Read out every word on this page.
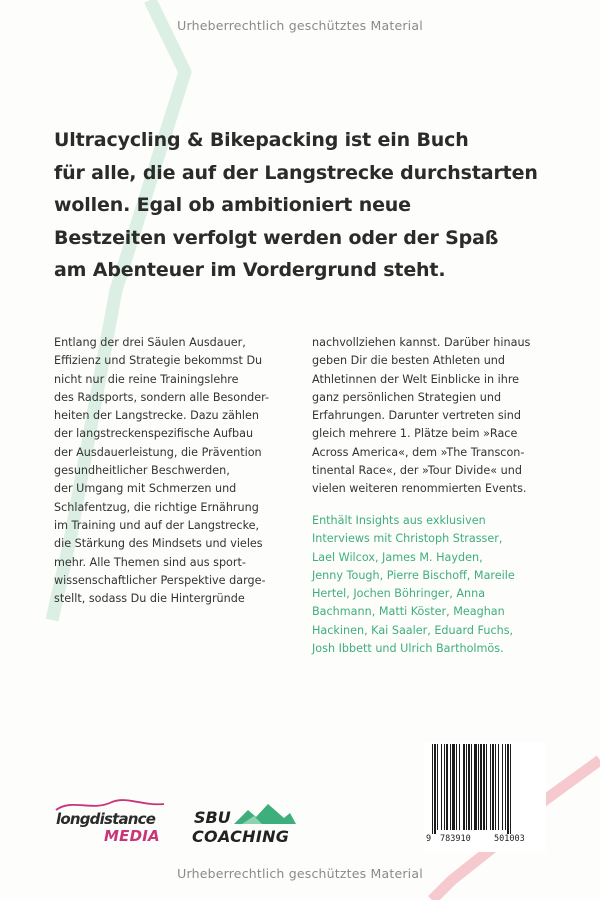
Urheberrechtlich geschütztes Material
Ultracycling & Bikepacking ist ein Buch
für alle, die auf der Langstrecke durchstarten
wollen. Egal ob ambitioniert neue
Bestzeiten verfolgt werden oder der Spaß
am Abenteuer im Vordergrund steht.
Entlang der drei Säulen Ausdauer,
Effizienz und Strategie bekommst Du
nicht nur die reine Trainingslehre
des Radsports, sondern alle Besonder-
heiten der Langstrecke. Dazu zählen
der langstreckenspezifische Aufbau
der Ausdauerleistung, die Prävention
gesundheitlicher Beschwerden,
der Umgang mit Schmerzen und
Schlafentzug, die richtige Ernährung
im Training und auf der Langstrecke,
die Stärkung des Mindsets und vieles
mehr. Alle Themen sind aus sport-
wissenschaftlicher Perspektive darge-
stellt, sodass Du die Hintergründe
nachvollziehen kannst. Darüber hinaus
geben Dir die besten Athleten und
Athletinnen der Welt Einblicke in ihre
ganz persönlichen Strategien und
Erfahrungen. Darunter vertreten sind
gleich mehrere 1. Plätze beim »Race
Across America«, dem »The Transcon-
tinental Race«, der »Tour Divide« und
vielen weiteren renommierten Events.
Enthält Insights aus exklusiven
Interviews mit Christoph Strasser,
Lael Wilcox, James M. Hayden,
Jenny Tough, Pierre Bischoff, Mareile
Hertel, Jochen Böhringer, Anna
Bachmann, Matti Köster, Meaghan
Hackinen, Kai Saaler, Eduard Fuchs,
Josh Ibbett und Ulrich Bartholmös.
longdistance
MEDIA
SBU
COACHING	9 783910	501003
Urheberrechtlich geschütztes Material
